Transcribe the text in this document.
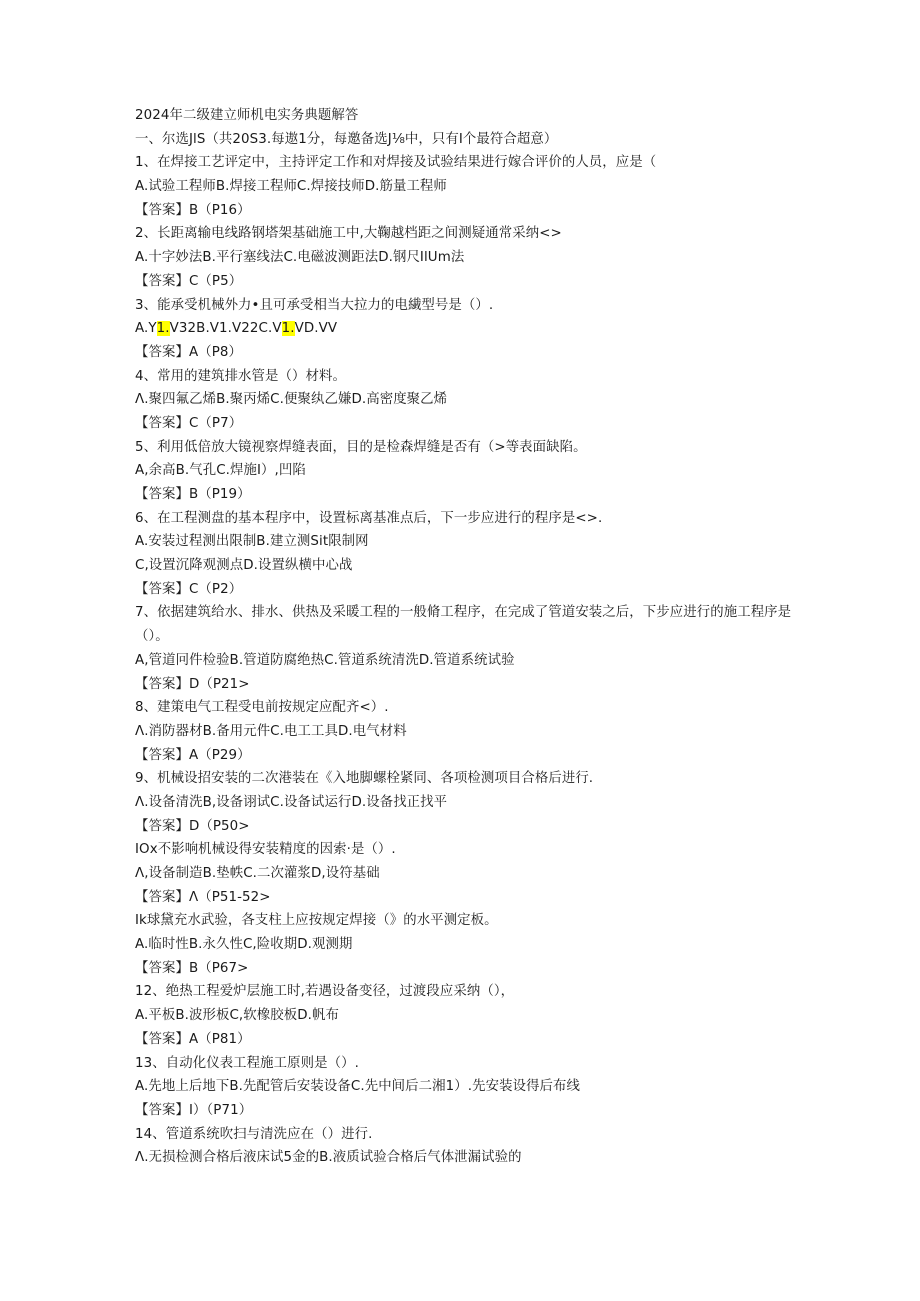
2024年二级建立师机电实务典题解答
一、尔选JlS（共20S3.每遨1分，每邀备选J⅛中，只有I个最符合超意）
1、在焊接工艺评定中，主持评定工作和对焊接及试验结果进行嫁合评价的人员，应是（
A.试验工程师B.焊接工程师C.焊接技师D.筋量工程师
【答案】B（P16）
2、长距离输电线路钢塔架基础施工中,大鞠越档距之间测疑通常采纳<>
A.十字妙法B.平行塞线法C.电磁波测距法D.钢尺IlUm法
【答案】C（P5）
3、能承受机械外力•且可承受相当大拉力的电繊型号是（）.
A.Y1.V32B.V1.V22C.V1.VD.VV
【答案】A（P8）
4、常用的建筑排水管是（）材料。
Λ.聚四氟乙烯B.聚丙烯C.便聚纨乙嫌D.高密度聚乙烯
【答案】C（P7）
5、利用低倍放大镜视察焊缝表面，目的是检森焊缝是否有（>等表面缺陷。
A,余高B.气孔C.焊施I）,凹陷
【答案】B（P19）
6、在工程测盘的基本程序中，设置标离基准点后，下一步应进行的程序是<>.
A.安装过程测出限制B.建立测Sit限制网
C,设置沉降观测点D.设置纵横中心战
【答案】C（P2）
7、依据建筑给水、排水、供热及采暖工程的一般脩工程序，在完成了管道安装之后，下步应进行的施工程序是（）。
A,管道冋件检验B.管道防腐绝热C.管道系统清洗D.管道系统试验
【答案】D（P21>
8、建策电气工程受电前按规定应配齐<）.
Λ.消防器材B.备用元件C.电工工具D.电气材料
【答案】A（P29）
9、机械设招安装的二次港装在《入地脚螺栓紧同、各项检测项目合格后进行.
Λ.设备清洗B,设备诩试C.设备试运行D.设备找正找平
【答案】D（P50>
IOx不影响机械设得安装精度的因索·是（）.
Λ,设备制造B.垫帙C.二次灌浆D,设符基础
【答案】Λ（P51-52>
Ik球黛充水武验，各支柱上应按规定焊接（》的水平测定板。
A.临时性B.永久性C,险收期D.观测期
【答案】B（P67>
12、绝热工程爱炉层施工时,若遇设备变径，过渡段应采纳（），
A.平板B.波形板C,软橡胶板D.帆布
【答案】A（P81）
13、自动化仪表工程施工原则是（）.
A.先地上后地下B.先配管后安装设备C.先中间后二湘1）.先安装设得后布线
【答案】I）（P71）
14、管道系统吹扫与清洗应在（）进行.
Λ.无损检测合格后液床试5金的B.液质试验合格后气体泄漏试验的
